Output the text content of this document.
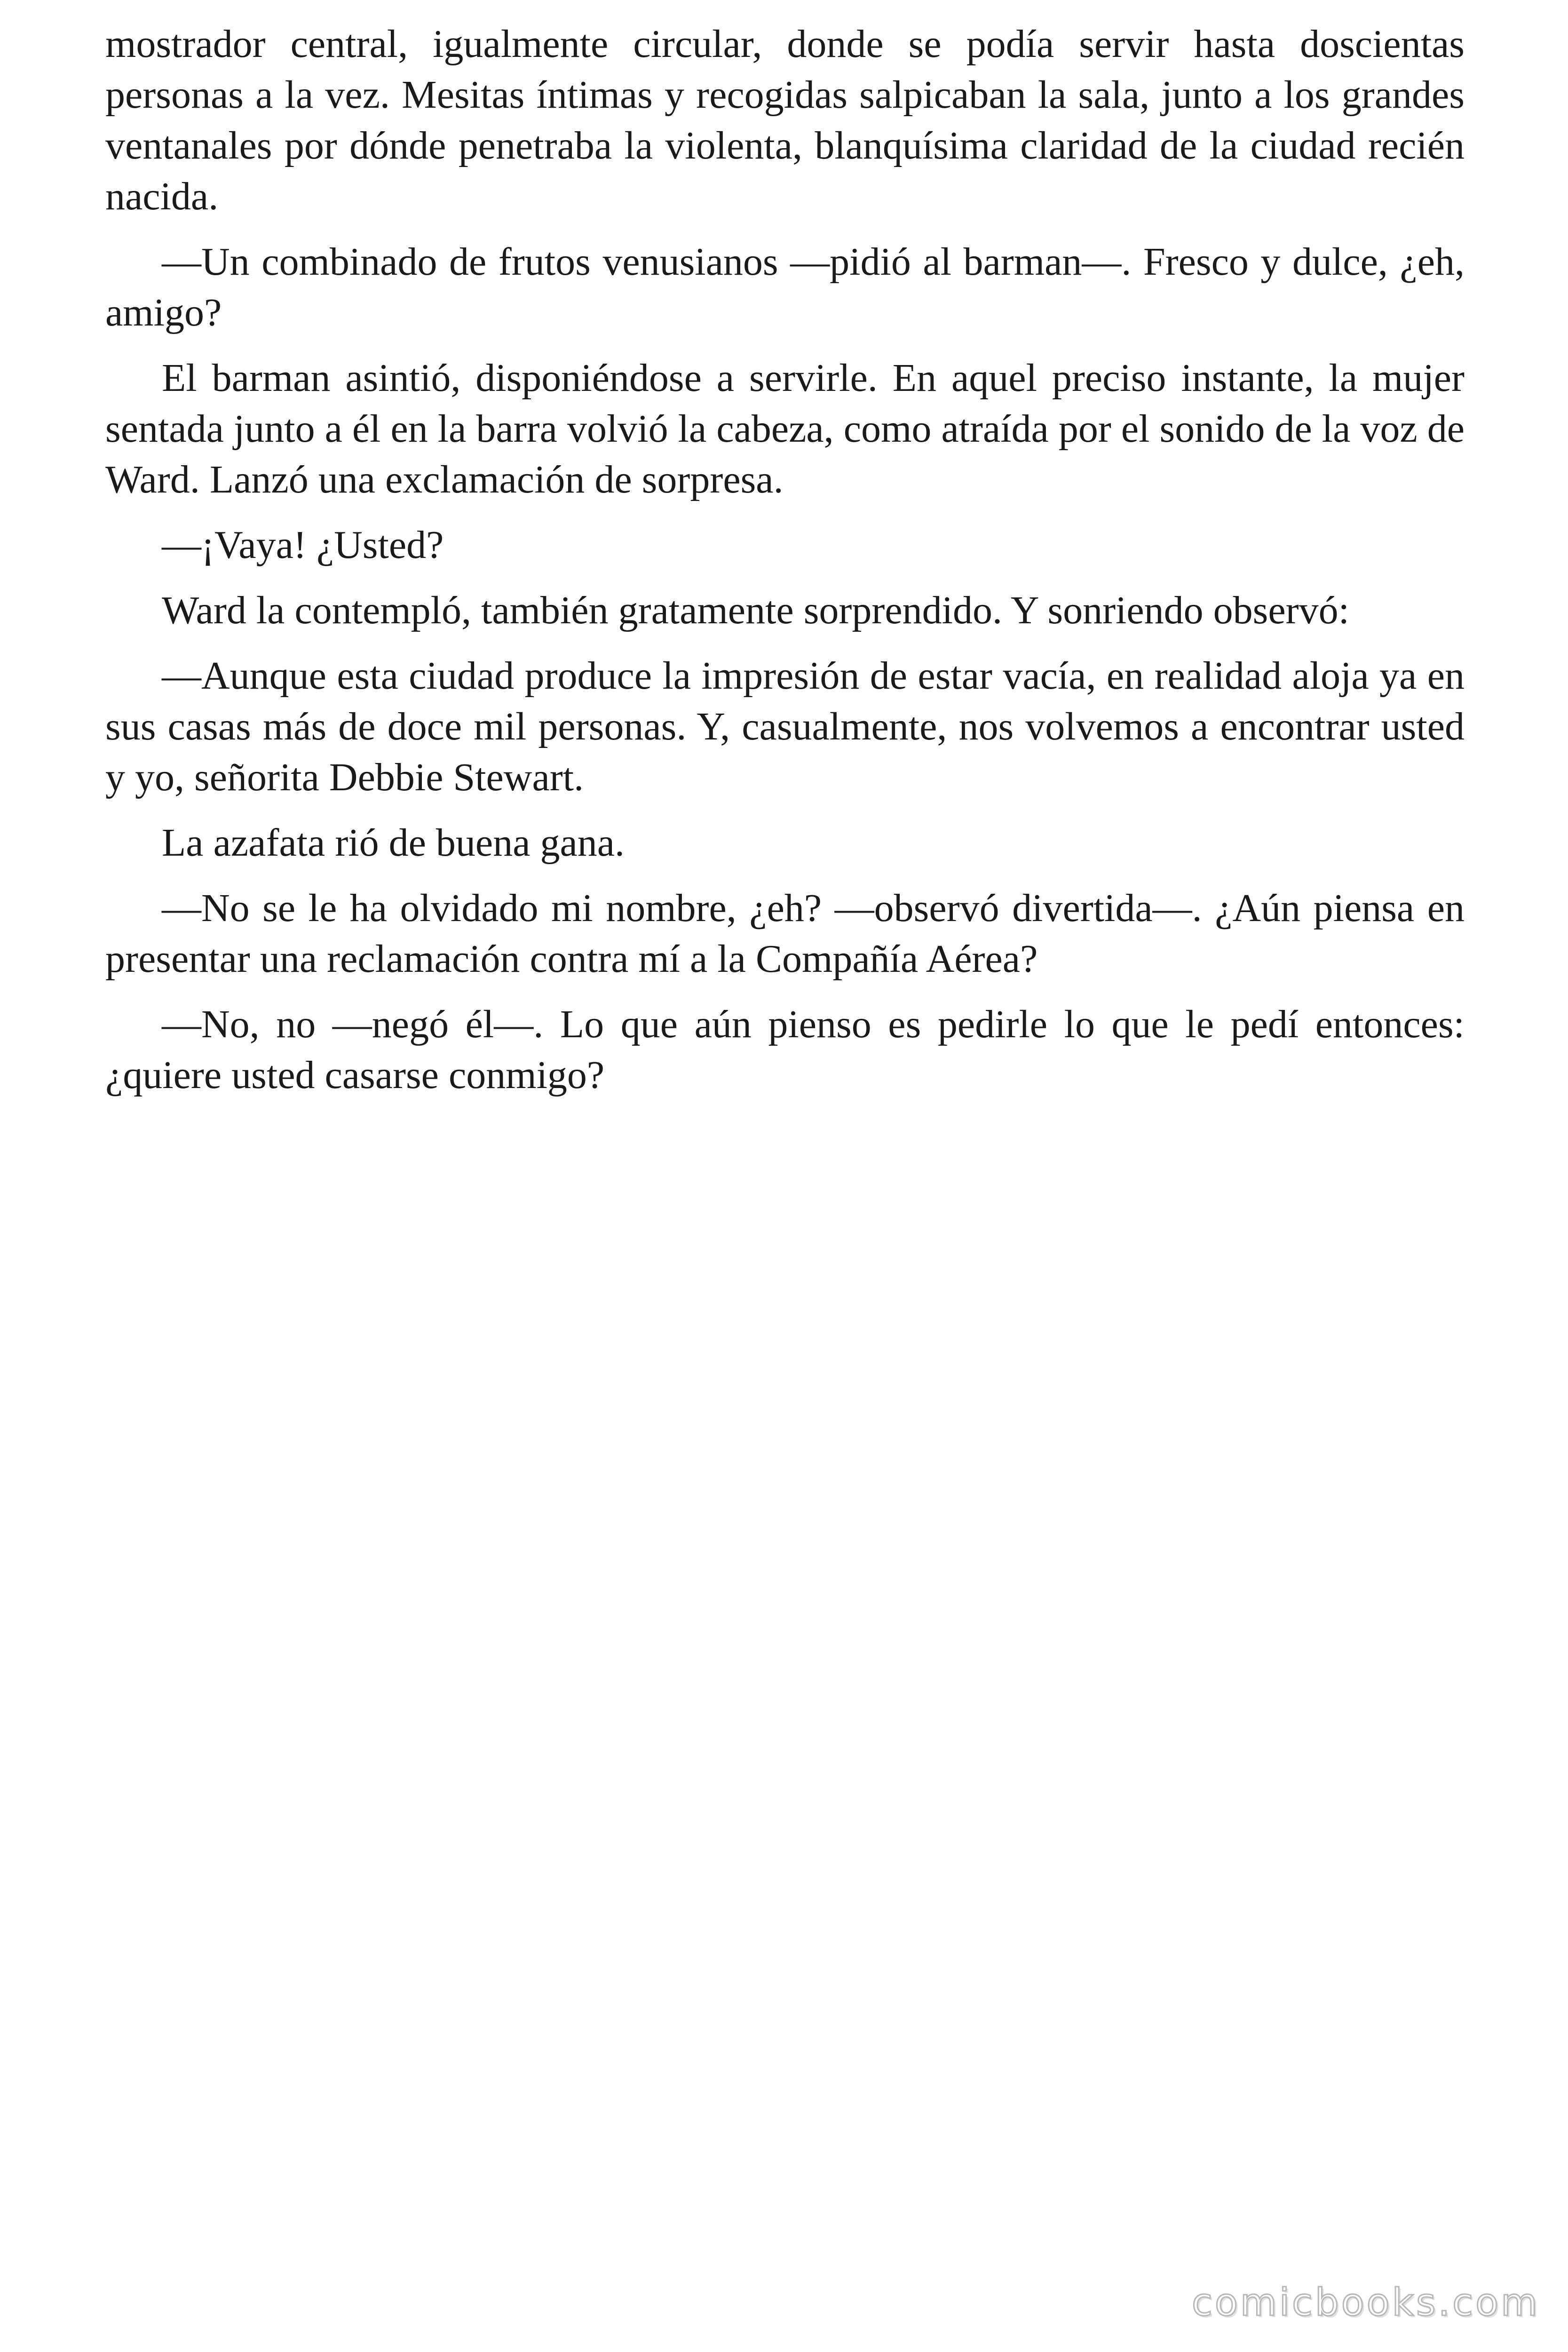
mostrador central, igualmente circular, donde se podía servir hasta doscientas personas a la vez. Mesitas íntimas y recogidas salpicaban la sala, junto a los grandes ventanales por dónde penetraba la violenta, blanquísima claridad de la ciudad recién nacida.

—Un combinado de frutos venusianos —pidió al barman—. Fresco y dulce, ¿eh, amigo?

El barman asintió, disponiéndose a servirle. En aquel preciso instante, la mujer sentada junto a él en la barra volvió la cabeza, como atraída por el sonido de la voz de Ward. Lanzó una exclamación de sorpresa.

—¡Vaya! ¿Usted?

Ward la contempló, también gratamente sorprendido. Y sonriendo observó:

—Aunque esta ciudad produce la impresión de estar vacía, en realidad aloja ya en sus casas más de doce mil personas. Y, casualmente, nos volvemos a encontrar usted y yo, señorita Debbie Stewart.

La azafata rió de buena gana.

—No se le ha olvidado mi nombre, ¿eh? —observó divertida—. ¿Aún piensa en presentar una reclamación contra mí a la Compañía Aérea?

—No, no —negó él—. Lo que aún pienso es pedirle lo que le pedí entonces: ¿quiere usted casarse conmigo?

comicbooks.com
